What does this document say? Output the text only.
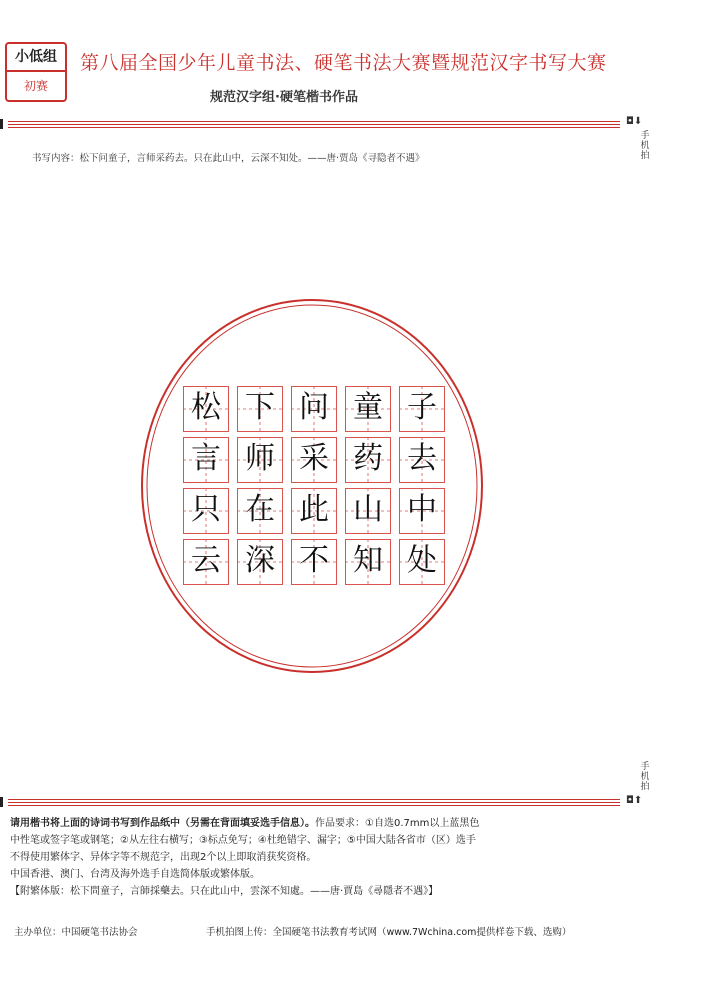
小低组
初赛
第八届全国少年儿童书法、硬笔书法大赛暨规范汉字书写大赛
规范汉字组·硬笔楷书作品
◘⬇
手
机
拍
书写内容：松下问童子，言师采药去。只在此山中，云深不知处。——唐·贾岛《寻隐者不遇》
松 下 问 童 子
言 师 采 药 去
只 在 此 山 中
云 深 不 知 处
手
机
拍
◘⬆
请用楷书将上面的诗词书写到作品纸中（另需在背面填妥选手信息）。作品要求：①自选0.7mm以上蓝黑色
中性笔或签字笔或钢笔；②从左往右横写；③标点免写；④杜绝错字、漏字；⑤中国大陆各省市（区）选手
不得使用繁体字、异体字等不规范字，出现2个以上即取消获奖资格。
中国香港、澳门、台湾及海外选手自选简体版或繁体版。
【附繁体版：松下問童子，言師採藥去。只在此山中，雲深不知處。——唐·賈島《尋隱者不遇》】
主办单位：中国硬笔书法协会	手机拍图上传：全国硬笔书法教育考试网（www.7Wchina.com提供样卷下载、选购）
